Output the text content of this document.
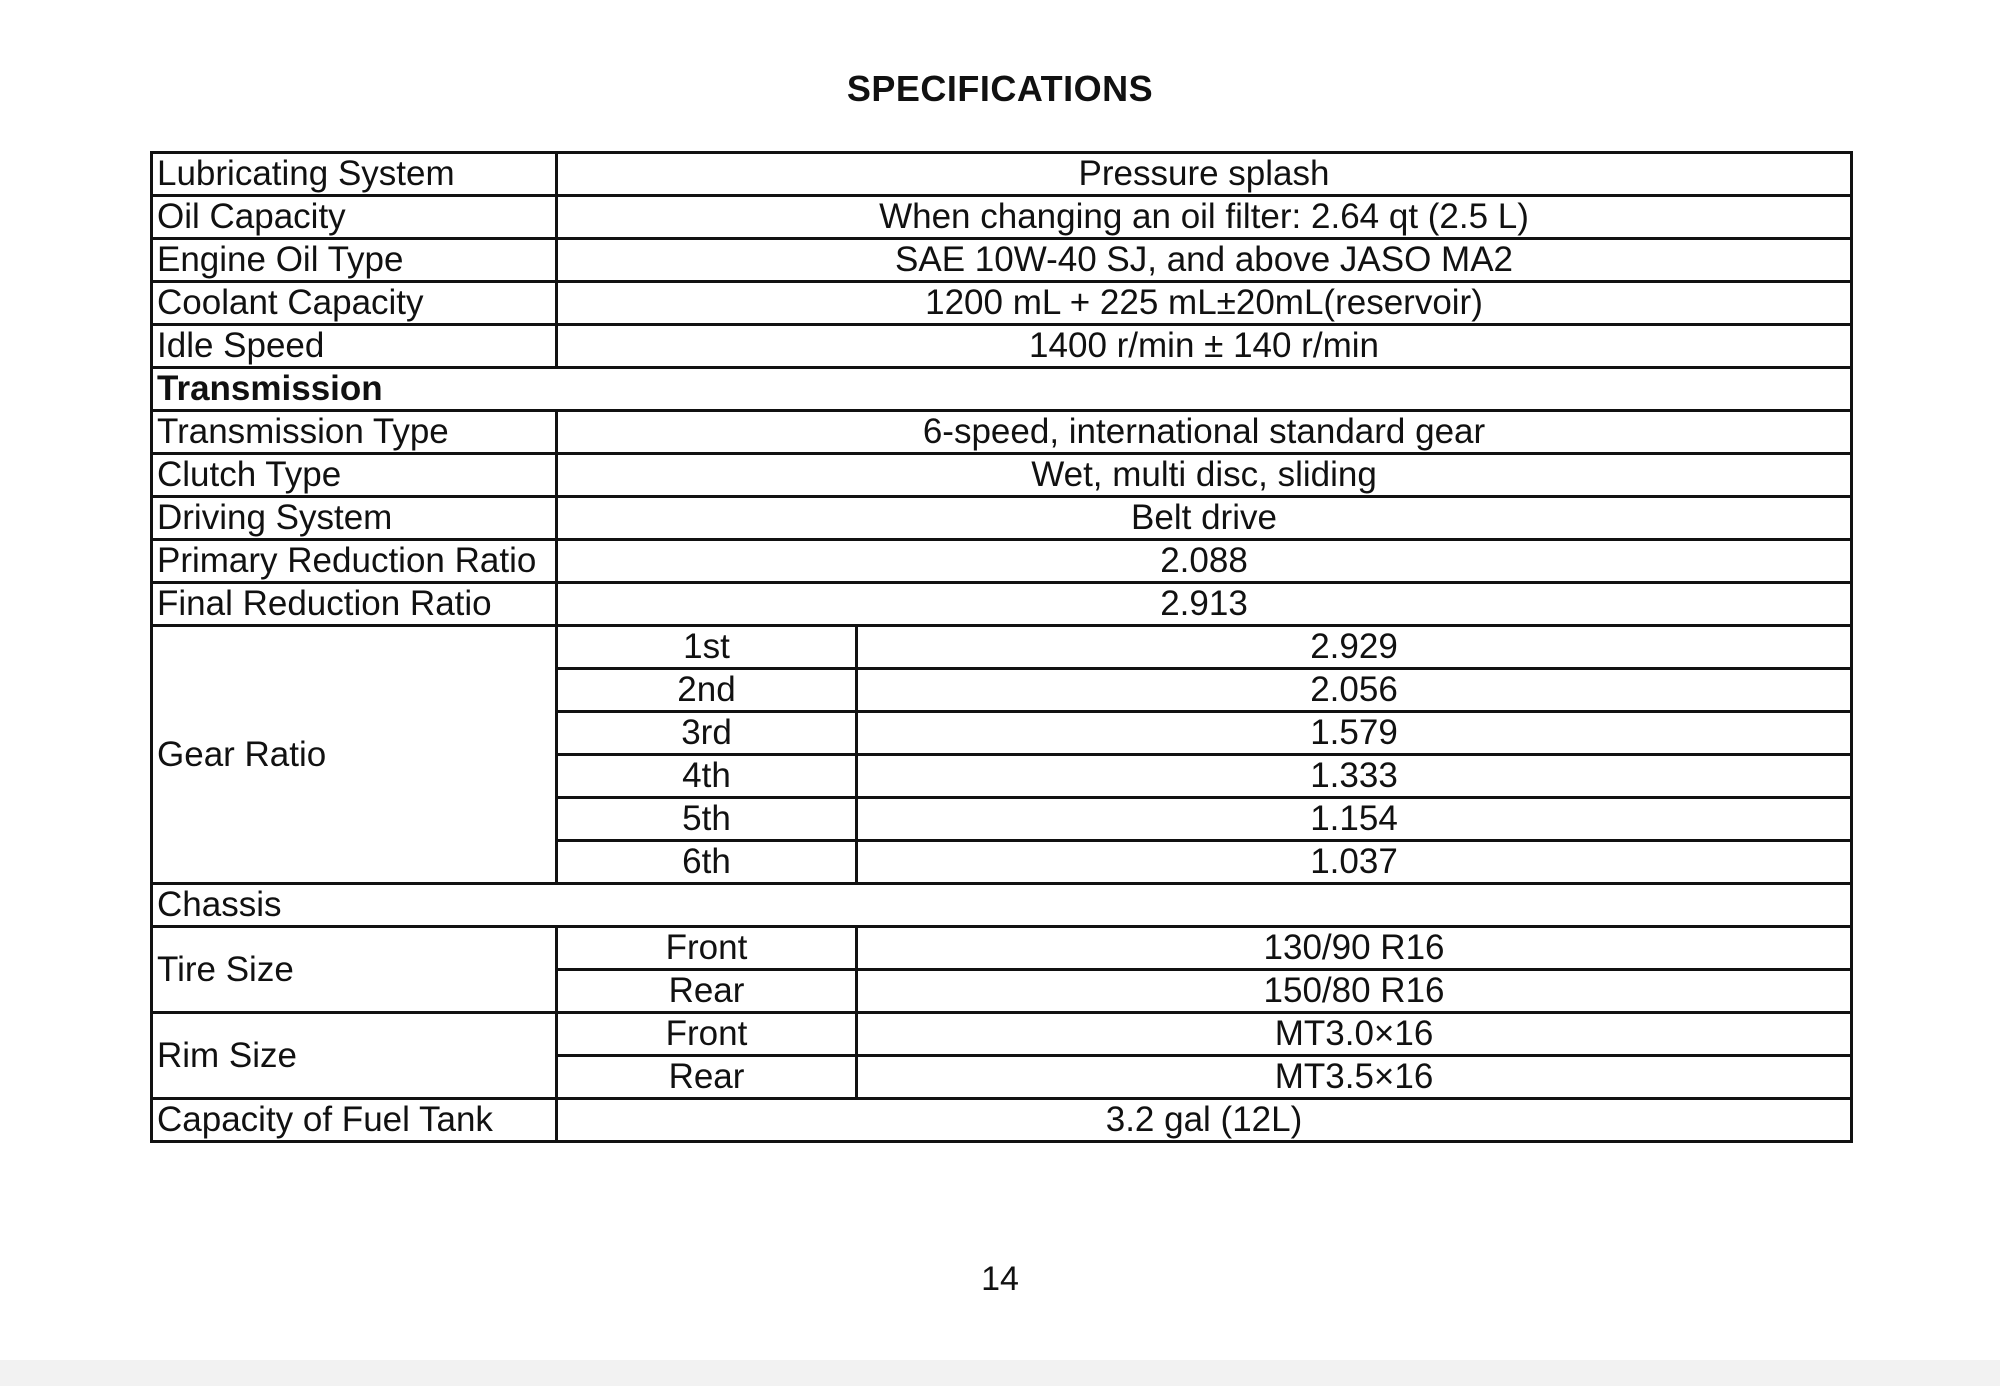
SPECIFICATIONS
Lubricating System	Pressure splash	
Oil Capacity	When changing an oil filter: 2.64 qt (2.5 L)	
Engine Oil Type	SAE 10W-40 SJ, and above JASO MA2	
Coolant Capacity	1200 mL + 225 mL±20mL(reservoir)	
Idle Speed	1400 r/min ± 140 r/min	
Transmission		
Transmission Type	6-speed, international standard gear	
Clutch Type	Wet, multi disc, sliding	
Driving System	Belt drive	
Primary Reduction Ratio	2.088	
Final Reduction Ratio	2.913	
Gear Ratio	1st	2.929
	2nd	2.056
	3rd	1.579
	4th	1.333
	5th	1.154
	6th	1.037
Chassis		
Tire Size	Front	130/90 R16
	Rear	150/80 R16
Rim Size	Front	MT3.0×16
	Rear	MT3.5×16
Capacity of Fuel Tank	3.2 gal (12L)	
14
